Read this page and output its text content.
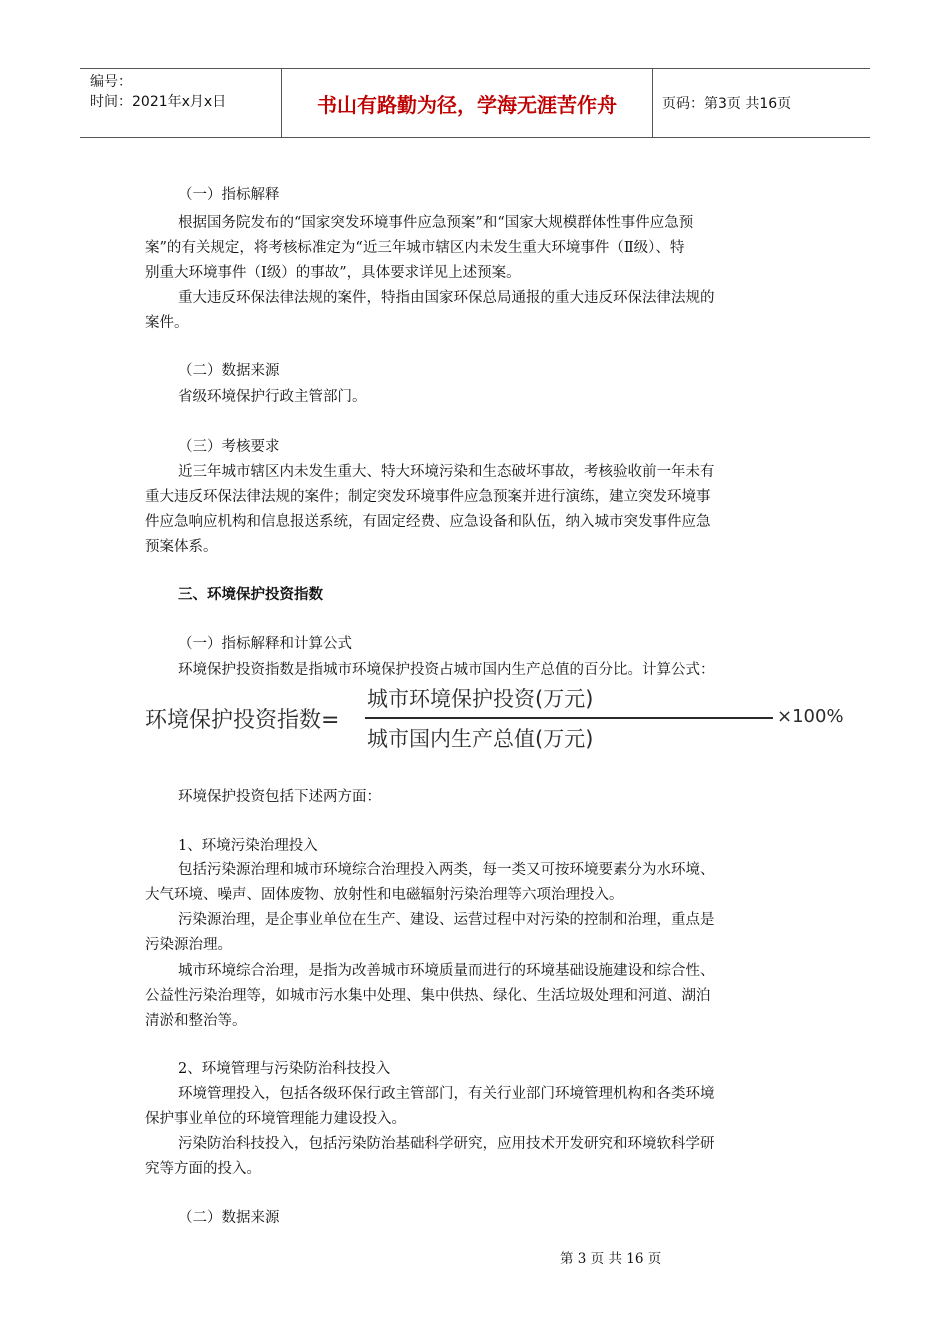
编号：
时间：2021年x月x日	书山有路勤为径，学海无涯苦作舟	页码：第3页 共16页
（一）指标解释
根据国务院发布的“国家突发环境事件应急预案”和“国家大规模群体性事件应急预
案”的有关规定，将考核标准定为“近三年城市辖区内未发生重大环境事件（Ⅱ级）、特
别重大环境事件（Ⅰ级）的事故”，具体要求详见上述预案。
重大违反环保法律法规的案件，特指由国家环保总局通报的重大违反环保法律法规的
案件。
（二）数据来源
省级环境保护行政主管部门。
（三）考核要求
近三年城市辖区内未发生重大、特大环境污染和生态破坏事故，考核验收前一年未有
重大违反环保法律法规的案件；制定突发环境事件应急预案并进行演练，建立突发环境事
件应急响应机构和信息报送系统，有固定经费、应急设备和队伍，纳入城市突发事件应急
预案体系。
三、环境保护投资指数
（一）指标解释和计算公式
环境保护投资指数是指城市环境保护投资占城市国内生产总值的百分比。计算公式：
环境保护投资指数=
城市环境保护投资(万元)
城市国内生产总值(万元)
×100%
环境保护投资包括下述两方面：
1、环境污染治理投入
包括污染源治理和城市环境综合治理投入两类，每一类又可按环境要素分为水环境、
大气环境、噪声、固体废物、放射性和电磁辐射污染治理等六项治理投入。
污染源治理，是企事业单位在生产、建设、运营过程中对污染的控制和治理，重点是
污染源治理。
城市环境综合治理，是指为改善城市环境质量而进行的环境基础设施建设和综合性、
公益性污染治理等，如城市污水集中处理、集中供热、绿化、生活垃圾处理和河道、湖泊
清淤和整治等。
2、环境管理与污染防治科技投入
环境管理投入，包括各级环保行政主管部门，有关行业部门环境管理机构和各类环境
保护事业单位的环境管理能力建设投入。
污染防治科技投入，包括污染防治基础科学研究，应用技术开发研究和环境软科学研
究等方面的投入。
（二）数据来源
第 3 页 共 16 页
